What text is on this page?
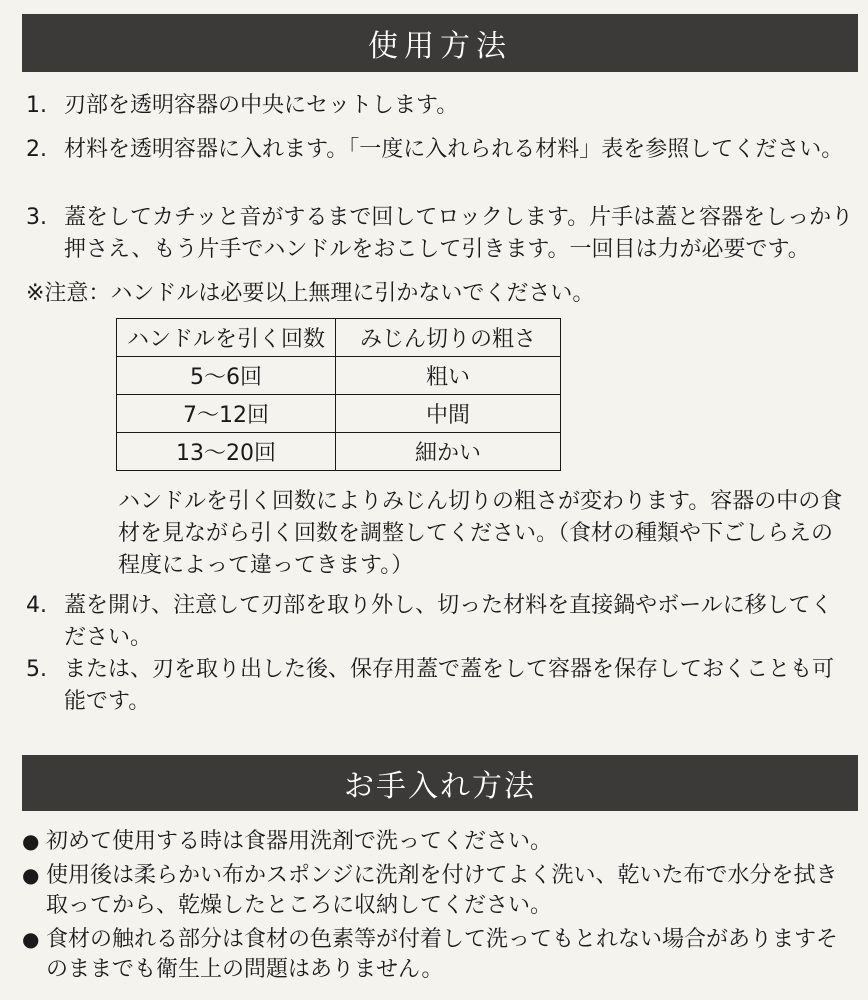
使用方法
1. 刃部を透明容器の中央にセットします。
2. 材料を透明容器に入れます。「一度に入れられる材料」表を参照してください。
3. 蓋をしてカチッと音がするまで回してロックします。片手は蓋と容器をしっかり押さえ、もう片手でハンドルをおこして引きます。一回目は力が必要です。
※注意：ハンドルは必要以上無理に引かないでください。
ハンドルを引く回数	みじん切りの粗さ
5～6回	粗い
7～12回	中間
13～20回	細かい
ハンドルを引く回数によりみじん切りの粗さが変わります。容器の中の食材を見ながら引く回数を調整してください。（食材の種類や下ごしらえの程度によって違ってきます。）
4. 蓋を開け、注意して刃部を取り外し、切った材料を直接鍋やボールに移してください。
5. または、刃を取り出した後、保存用蓋で蓋をして容器を保存しておくことも可能です。
お手入れ方法
● 初めて使用する時は食器用洗剤で洗ってください。
● 使用後は柔らかい布かスポンジに洗剤を付けてよく洗い、乾いた布で水分を拭き取ってから、乾燥したところに収納してください。
● 食材の触れる部分は食材の色素等が付着して洗ってもとれない場合がありますそのままでも衛生上の問題はありません。
